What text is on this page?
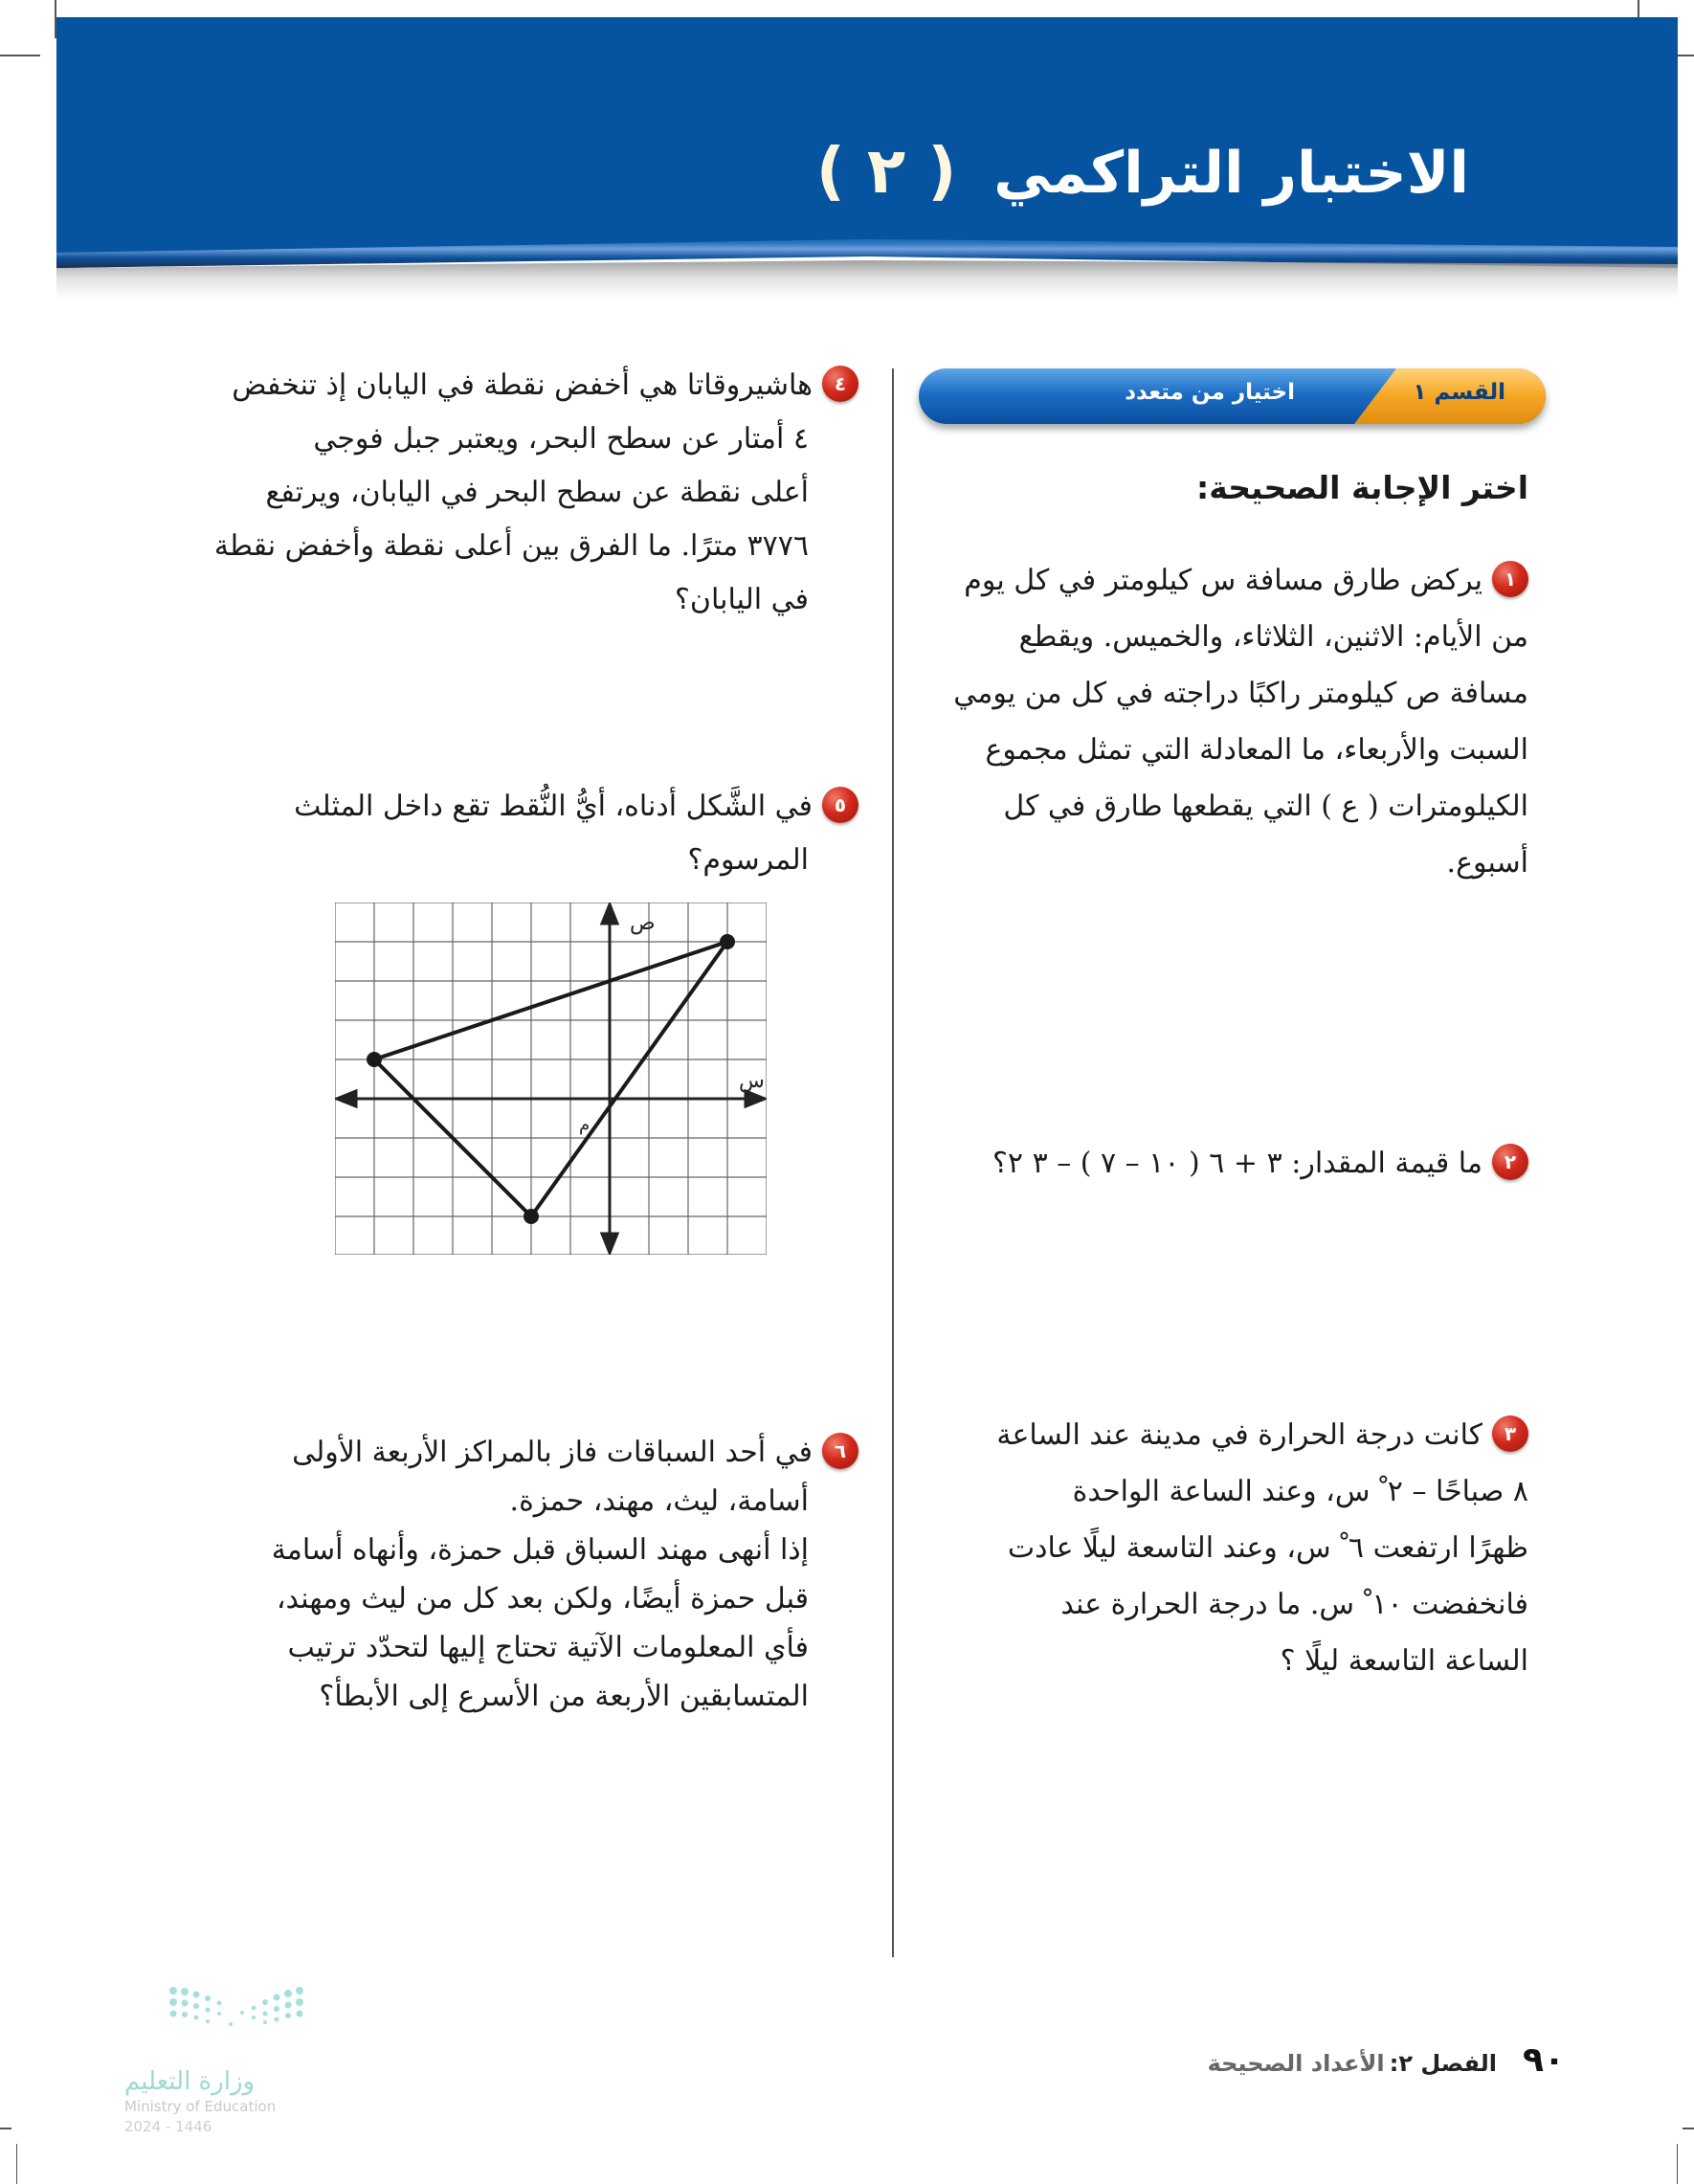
الاختبار التراكمي ( ٢ )
القسم ١
اختيار من متعدد
اختر الإجابة الصحيحة:
١يركض طارق مسافة س كيلومتر في كل يوم
من الأيام: الاثنين، الثلاثاء، والخميس. ويقطع
مسافة ص كيلومتر راكبًا دراجته في كل من يومي
السبت والأربعاء، ما المعادلة التي تمثل مجموع
الكيلومترات ( ع ) التي يقطعها طارق في كل
أسبوع.
٢ما قيمة المقدار: ٣ + ٦ ( ١٠ – ٧ ) – ٣ ٢؟
٣كانت درجة الحرارة في مدينة عند الساعة
٨ صباحًا – ٢ ْ س، وعند الساعة الواحدة
ظهرًا ارتفعت ٦ ْ س، وعند التاسعة ليلًا عادت
فانخفضت ١٠ ْ س. ما درجة الحرارة عند
الساعة التاسعة ليلًا ؟
٤هاشيروقاتا هي أخفض نقطة في اليابان إذ تنخفض
٤ أمتار عن سطح البحر، ويعتبر جبل فوجي
أعلى نقطة عن سطح البحر في اليابان، ويرتفع
٣٧٧٦ مترًا. ما الفرق بين أعلى نقطة وأخفض نقطة
في اليابان؟
٥في الشَّكل أدناه، أيُّ النُّقط تقع داخل المثلث
المرسوم؟
ص
س
م
٦في أحد السباقات فاز بالمراكز الأربعة الأولى
أسامة، ليث، مهند، حمزة.
إذا أنهى مهند السباق قبل حمزة، وأنهاه أسامة
قبل حمزة أيضًا، ولكن بعد كل من ليث ومهند،
فأي المعلومات الآتية تحتاج إليها لتحدّد ترتيب
المتسابقين الأربعة من الأسرع إلى الأبطأ؟
وزارة التعليم
Ministry of Education
2024 - 1446
٩٠ الفصل ٢: الأعداد الصحيحة
